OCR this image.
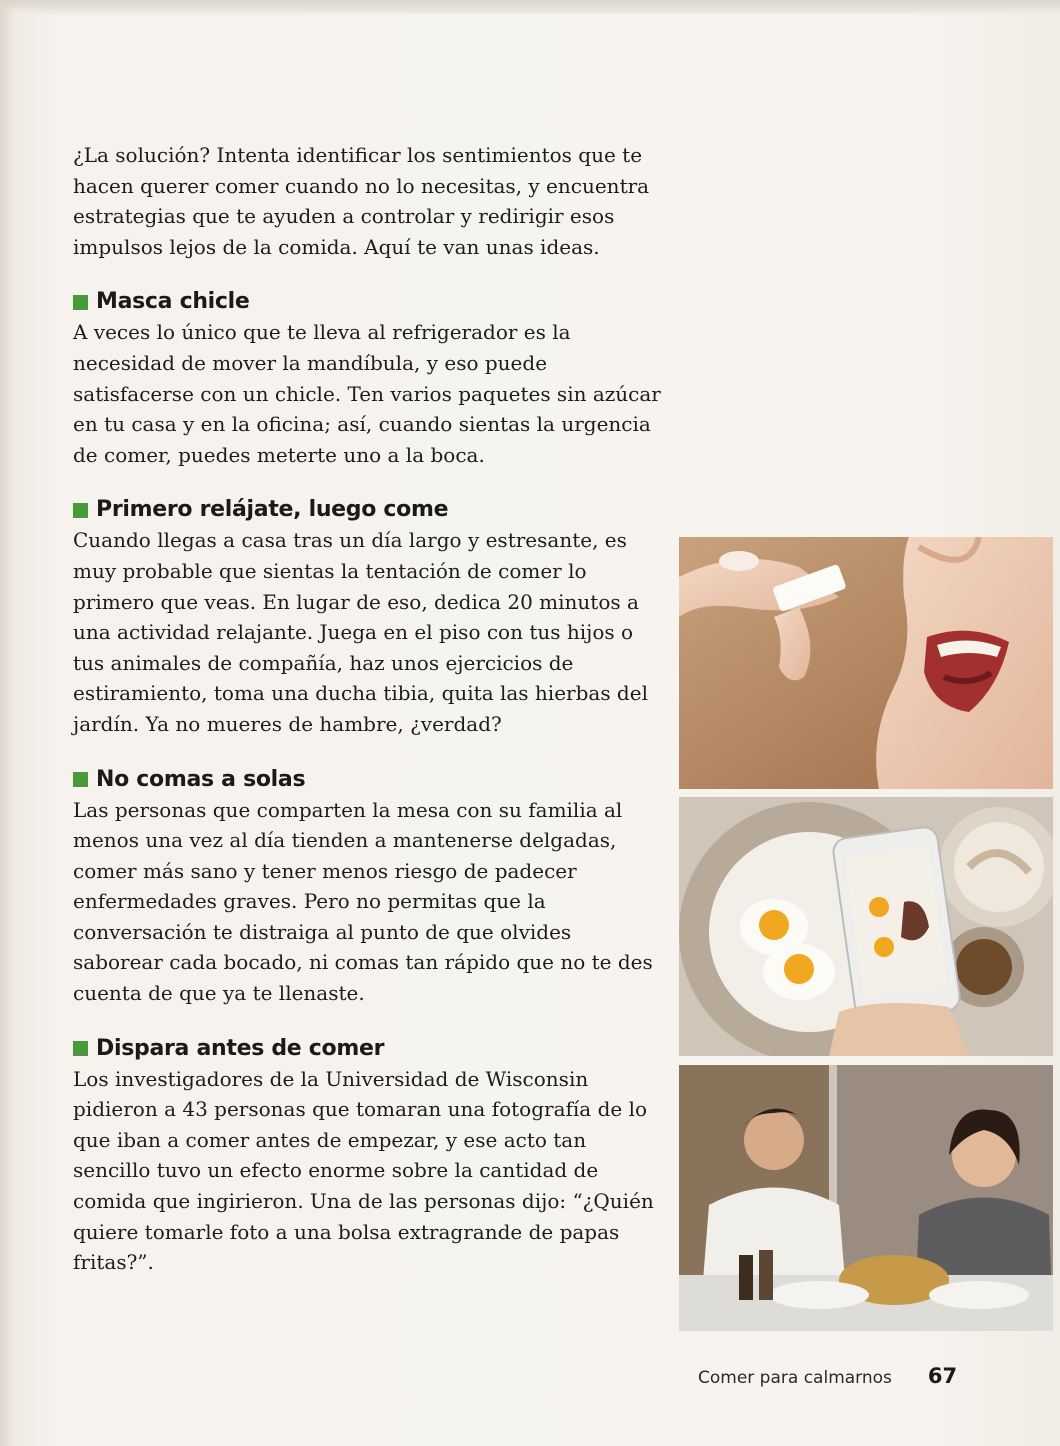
¿La solución? Intenta identificar los sentimientos que te hacen querer comer cuando no lo necesitas, y encuentra estrategias que te ayuden a controlar y redirigir esos impulsos lejos de la comida. Aquí te van unas ideas.

Masca chicle

A veces lo único que te lleva al refrigerador es la necesidad de mover la mandíbula, y eso puede satisfacerse con un chicle. Ten varios paquetes sin azúcar en tu casa y en la oficina; así, cuando sientas la urgencia de comer, puedes meterte uno a la boca.

Primero relájate, luego come

Cuando llegas a casa tras un día largo y estresante, es muy probable que sientas la tentación de comer lo primero que veas. En lugar de eso, dedica 20 minutos a una actividad relajante. Juega en el piso con tus hijos o tus animales de compañía, haz unos ejercicios de estiramiento, toma una ducha tibia, quita las hierbas del jardín. Ya no mueres de hambre, ¿verdad?

No comas a solas

Las personas que comparten la mesa con su familia al menos una vez al día tienden a mantenerse delgadas, comer más sano y tener menos riesgo de padecer enfermedades graves. Pero no permitas que la conversación te distraiga al punto de que olvides saborear cada bocado, ni comas tan rápido que no te des cuenta de que ya te llenaste.

Dispara antes de comer

Los investigadores de la Universidad de Wisconsin pidieron a 43 personas que tomaran una fotografía de lo que iban a comer antes de empezar, y ese acto tan sencillo tuvo un efecto enorme sobre la cantidad de comida que ingirieron. Una de las personas dijo: “¿Quién quiere tomarle foto a una bolsa extragrande de papas fritas?”.

Comer para calmarnos 67
